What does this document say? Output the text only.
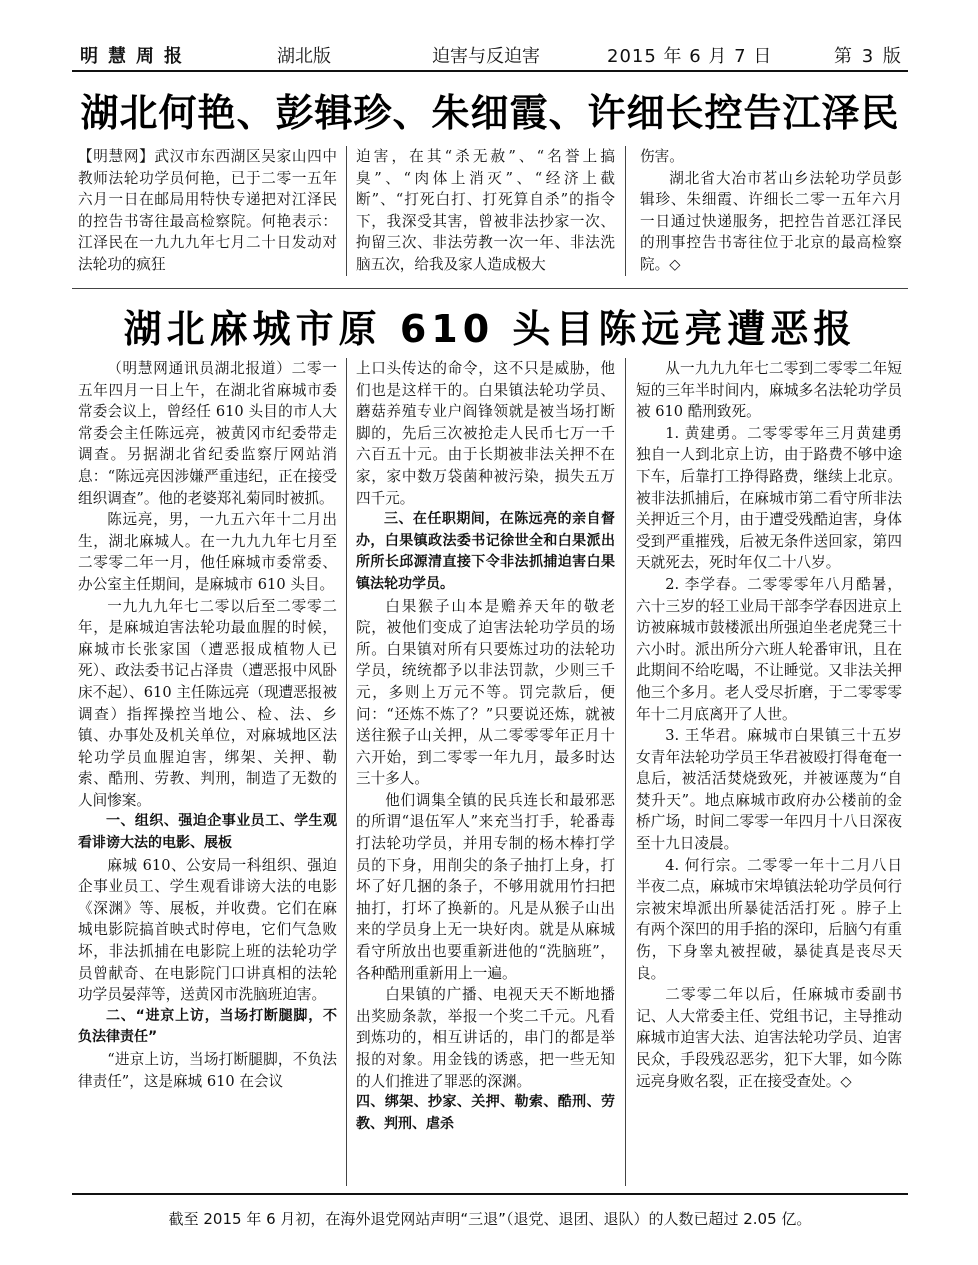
明慧周报	湖北版	迫害与反迫害	2015 年 6 月 7 日	第 3 版
湖北何艳、彭辑珍、朱细霞、许细长控告江泽民

【明慧网】武汉市东西湖区吴家山四中教师法轮功学员何艳，已于二零一五年六月一日在邮局用特快专递把对江泽民的控告书寄往最高检察院。何艳表示：江泽民在一九九九年七月二十日发动对法轮功的疯狂

迫害，在其“杀无赦”、“名誉上搞臭”、“肉体上消灭”、“经济上截断”、“打死白打、打死算自杀”的指令下，我深受其害，曾被非法抄家一次、拘留三次、非法劳教一次一年、非法洗脑五次，给我及家人造成极大

伤害。

湖北省大冶市茗山乡法轮功学员彭辑珍、朱细霞、许细长二零一五年六月一日通过快递服务，把控告首恶江泽民的刑事控告书寄往位于北京的最高检察院。◇

湖北麻城市原 610 头目陈远亮遭恶报

（明慧网通讯员湖北报道）二零一五年四月一日上午，在湖北省麻城市委常委会议上，曾经任 610 头目的市人大常委会主任陈远亮，被黄冈市纪委带走调查。另据湖北省纪委监察厅网站消息：“陈远亮因涉嫌严重违纪，正在接受组织调查”。他的老婆郑礼菊同时被抓。

陈远亮，男，一九五六年十二月出生，湖北麻城人。在一九九九年七月至二零零二年一月，他任麻城市委常委、办公室主任期间，是麻城市 610 头目。

一九九九年七二零以后至二零零二年，是麻城迫害法轮功最血腥的时候，麻城市长张家国（遭恶报成植物人已死）、政法委书记占泽贵（遭恶报中风卧床不起）、610 主任陈远亮（现遭恶报被调查）指挥操控当地公、检、法、乡镇、办事处及机关单位，对麻城地区法轮功学员血腥迫害，绑架、关押、勒索、酷刑、劳教、判刑，制造了无数的人间惨案。

一、组织、强迫企事业员工、学生观看诽谤大法的电影、展板

麻城 610、公安局一科组织、强迫企事业员工、学生观看诽谤大法的电影《深渊》等、展板，并收费。它们在麻城电影院搞首映式时停电，它们气急败坏，非法抓捕在电影院上班的法轮功学员曾献奇、在电影院门口讲真相的法轮功学员晏萍等，送黄冈市洗脑班迫害。

二、“进京上访，当场打断腿脚，不负法律责任”

“进京上访，当场打断腿脚，不负法律责任”，这是麻城 610 在会议

上口头传达的命令，这不只是威胁，他们也是这样干的。白果镇法轮功学员、蘑菇养殖专业户阎锋领就是被当场打断脚的，先后三次被抢走人民币七万一千六百五十元。由于长期被非法关押不在家，家中数万袋菌种被污染，损失五万四千元。

三、在任职期间，在陈远亮的亲自督办，白果镇政法委书记徐世全和白果派出所所长邱源清直接下令非法抓捕迫害白果镇法轮功学员。

白果猴子山本是赡养天年的敬老院，被他们变成了迫害法轮功学员的场所。白果镇对所有只要炼过功的法轮功学员，统统都予以非法罚款，少则三千元，多则上万元不等。罚完款后，便问：“还炼不炼了？”只要说还炼，就被送往猴子山关押，从二零零零年正月十六开始，到二零零一年九月，最多时达三十多人。

他们调集全镇的民兵连长和最邪恶的所谓“退伍军人”来充当打手，轮番毒打法轮功学员，并用专制的杨木棒打学员的下身，用削尖的条子抽打上身，打坏了好几捆的条子，不够用就用竹扫把抽打，打坏了换新的。凡是从猴子山出来的学员身上无一块好肉。就是从麻城看守所放出也要重新进他的“洗脑班”，各种酷刑重新用上一遍。

白果镇的广播、电视天天不断地播出奖励条款，举报一个奖二千元。凡看到炼功的，相互讲话的，串门的都是举报的对象。用金钱的诱惑，把一些无知的人们推进了罪恶的深渊。

四、绑架、抄家、关押、勒索、酷刑、劳教、判刑、虐杀

从一九九九年七二零到二零零二年短短的三年半时间内，麻城多名法轮功学员被 610 酷刑致死。

1. 黄建勇。二零零零年三月黄建勇独自一人到北京上访，由于路费不够中途下车，后靠打工挣得路费，继续上北京。被非法抓捕后，在麻城市第二看守所非法关押近三个月，由于遭受残酷迫害，身体受到严重摧残，后被无条件送回家，第四天就死去，死时年仅二十八岁。

2. 李学春。二零零零年八月酷暑，六十三岁的轻工业局干部李学春因进京上访被麻城市鼓楼派出所强迫坐老虎凳三十六小时。派出所分六班人轮番审讯，且在此期间不给吃喝，不让睡觉。又非法关押他三个多月。老人受尽折磨，于二零零零年十二月底离开了人世。

3. 王华君。麻城市白果镇三十五岁女青年法轮功学员王华君被殴打得奄奄一息后，被活活焚烧致死，并被诬蔑为“自焚升天”。地点麻城市政府办公楼前的金桥广场，时间二零零一年四月十八日深夜至十九日凌晨。

4. 何行宗。二零零一年十二月八日半夜二点，麻城市宋埠镇法轮功学员何行宗被宋埠派出所暴徒活活打死 。脖子上有两个深凹的用手掐的深印，后脑勺有重伤，下身睾丸被捏破，暴徒真是丧尽天良。

二零零二年以后，任麻城市委副书记、人大常委主任、党组书记，主导推动麻城市迫害大法、迫害法轮功学员、迫害民众，手段残忍恶劣，犯下大罪，如今陈远亮身败名裂，正在接受查处。◇

截至 2015 年 6 月初，在海外退党网站声明“三退”（退党、退团、退队）的人数已超过 2.05 亿。
